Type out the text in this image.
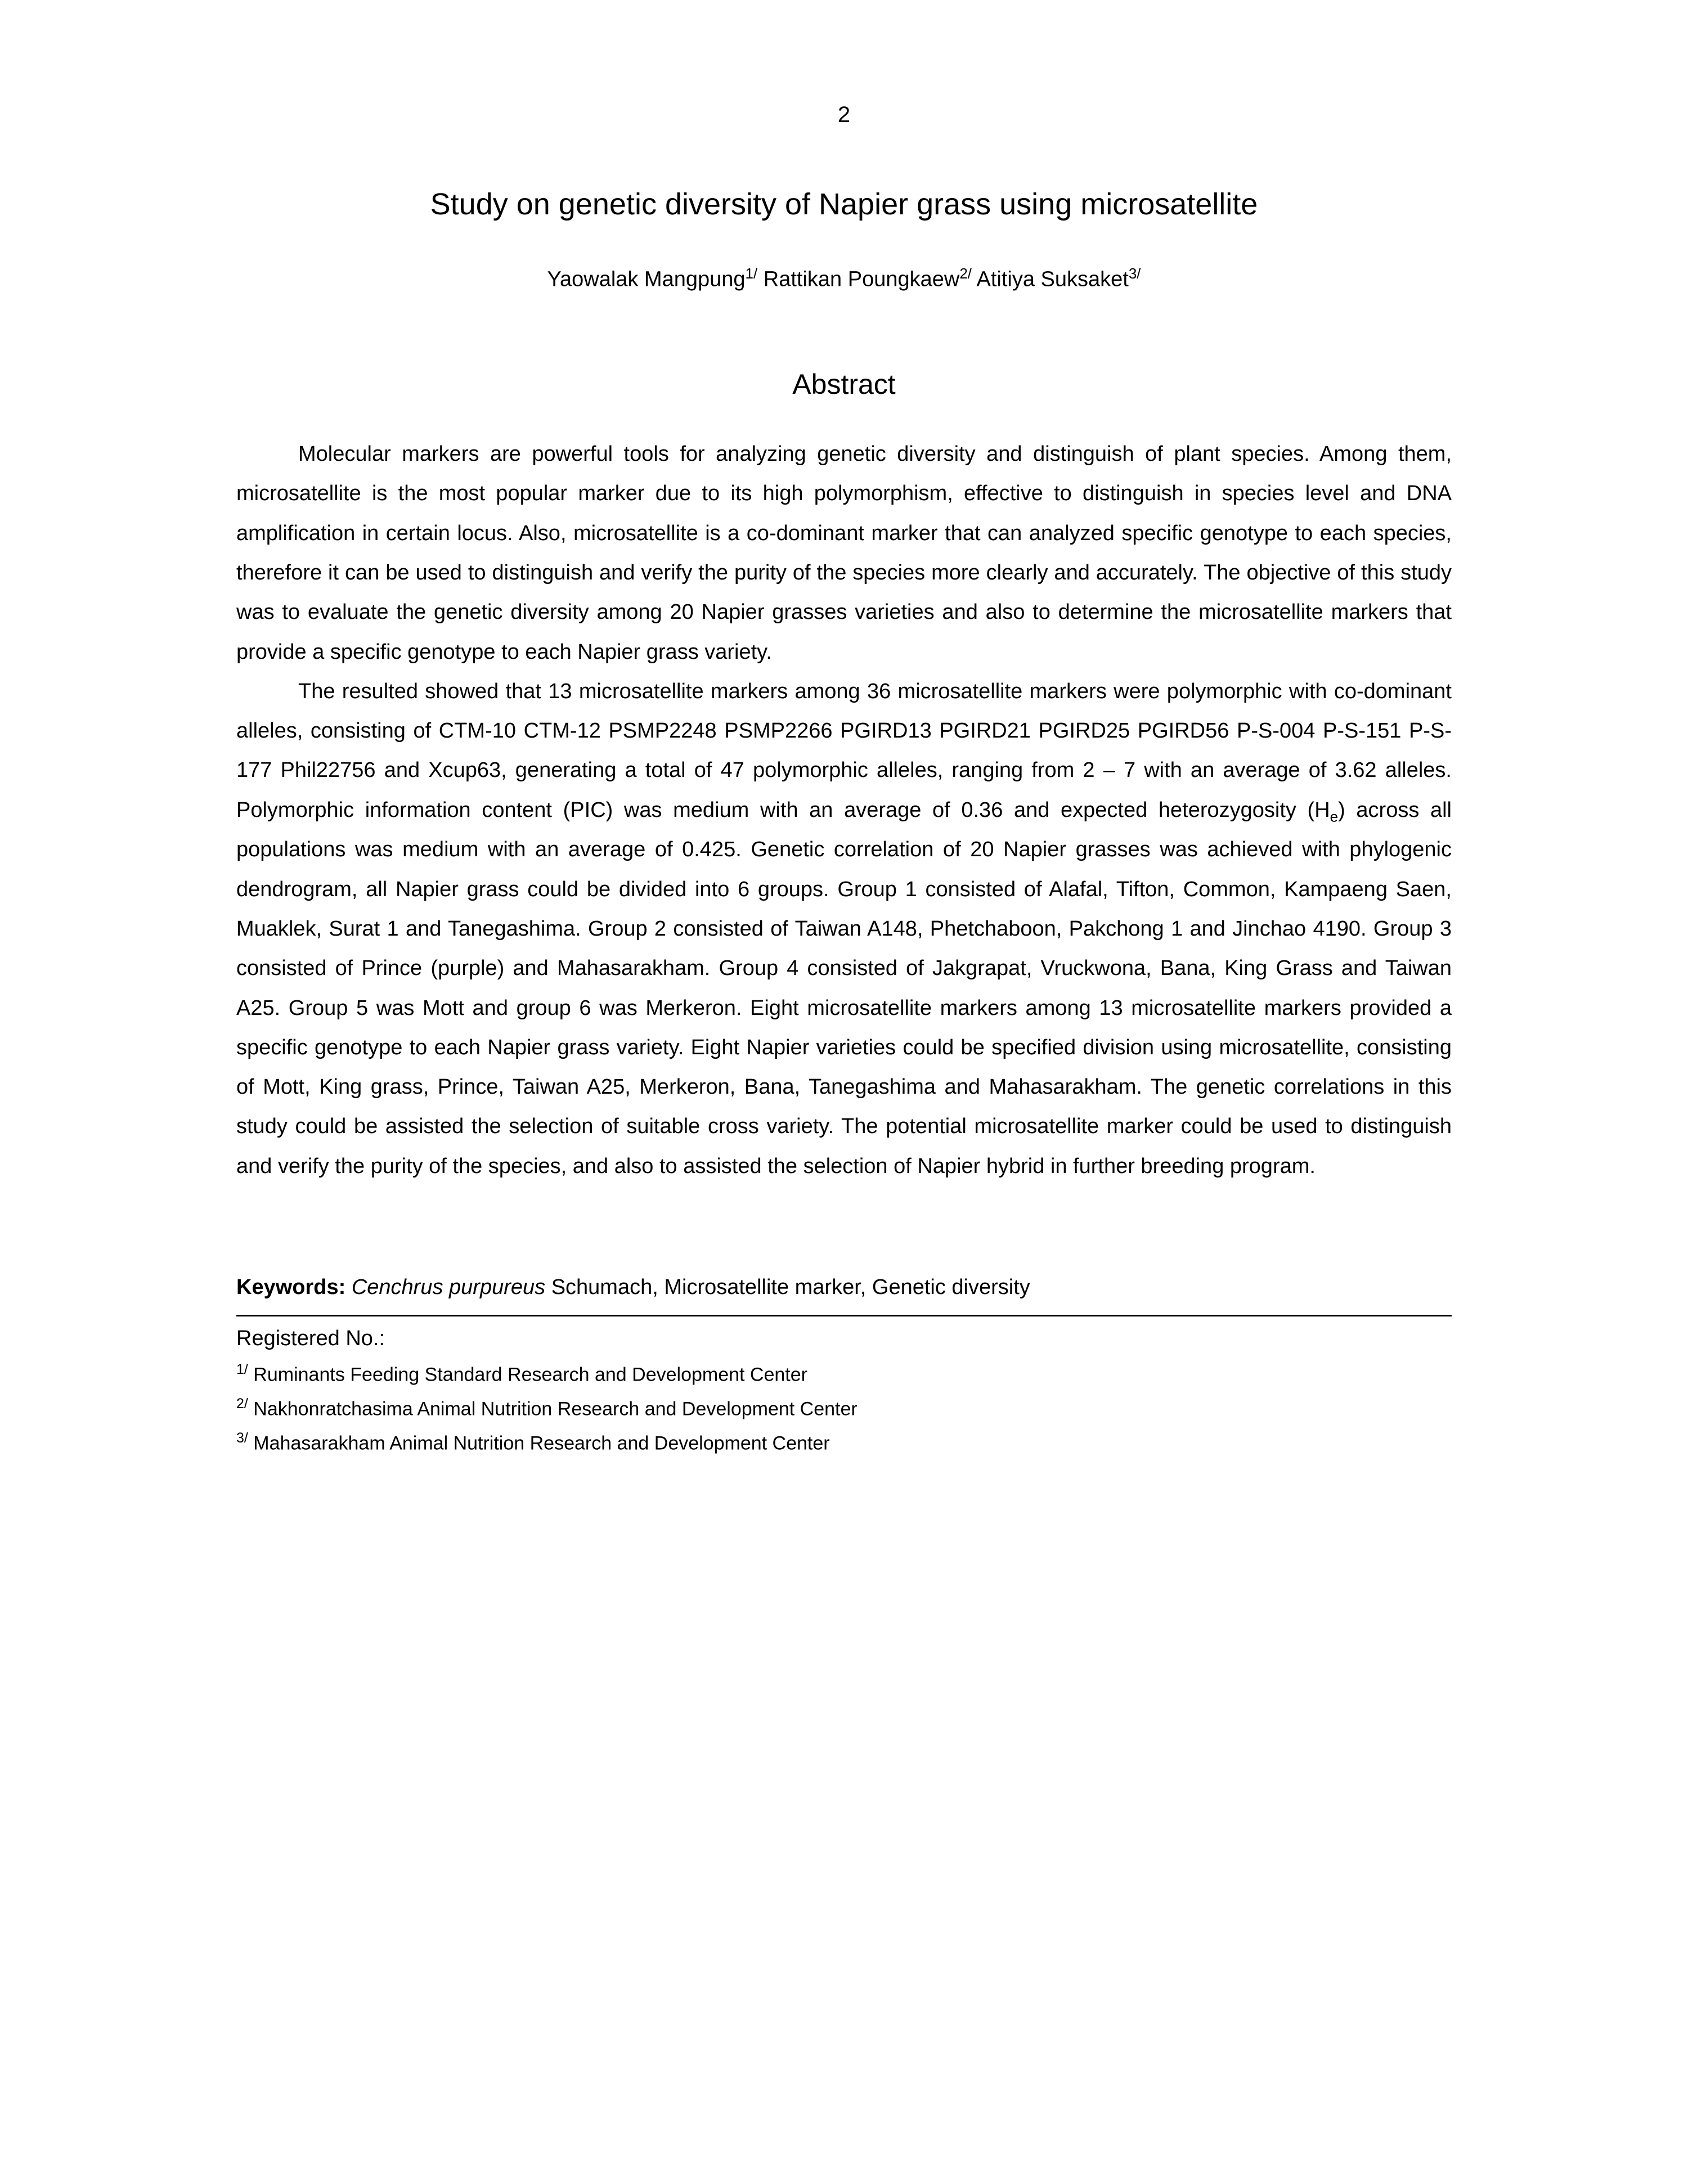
2
Study on genetic diversity of Napier grass using microsatellite
Yaowalak Mangpung$^{1/}$ Rattikan Poungkaew$^{2/}$ Atitiya Suksaket$^{3/}$
Abstract

Molecular markers are powerful tools for analyzing genetic diversity and distinguish of plant species. Among them, microsatellite is the most popular marker due to its high polymorphism, effective to distinguish in species level and DNA amplification in certain locus. Also, microsatellite is a co-dominant marker that can analyzed specific genotype to each species, therefore it can be used to distinguish and verify the purity of the species more clearly and accurately. The objective of this study was to evaluate the genetic diversity among 20 Napier grasses varieties and also to determine the microsatellite markers that provide a specific genotype to each Napier grass variety.

The resulted showed that 13 microsatellite markers among 36 microsatellite markers were polymorphic with co-dominant alleles, consisting of CTM-10 CTM-12 PSMP2248 PSMP2266 PGIRD13 PGIRD21 PGIRD25 PGIRD56 P-S-004 P-S-151 P-S-177 Phil22756 and Xcup63, generating a total of 47 polymorphic alleles, ranging from 2 – 7 with an average of 3.62 alleles. Polymorphic information content (PIC) was medium with an average of 0.36 and expected heterozygosity $(H_e)$ across all populations was medium with an average of 0.425. Genetic correlation of 20 Napier grasses was achieved with phylogenic dendrogram, all Napier grass could be divided into 6 groups. Group 1 consisted of Alafal, Tifton, Common, Kampaeng Saen, Muaklek, Surat 1 and Tanegashima. Group 2 consisted of Taiwan A148, Phetchaboon, Pakchong 1 and Jinchao 4190. Group 3 consisted of Prince (purple) and Mahasarakham. Group 4 consisted of Jakgrapat, Vruckwona, Bana, King Grass and Taiwan A25. Group 5 was Mott and group 6 was Merkeron. Eight microsatellite markers among 13 microsatellite markers provided a specific genotype to each Napier grass variety. Eight Napier varieties could be specified division using microsatellite, consisting of Mott, King grass, Prince, Taiwan A25, Merkeron, Bana, Tanegashima and Mahasarakham. The genetic correlations in this study could be assisted the selection of suitable cross variety. The potential microsatellite marker could be used to distinguish and verify the purity of the species, and also to assisted the selection of Napier hybrid in further breeding program.

Keywords: Cenchrus purpureus Schumach, Microsatellite marker, Genetic diversity
Registered No.:
$^{1/}$ Ruminants Feeding Standard Research and Development Center
$^{2/}$ Nakhonratchasima Animal Nutrition Research and Development Center
$^{3/}$ Mahasarakham Animal Nutrition Research and Development Center
